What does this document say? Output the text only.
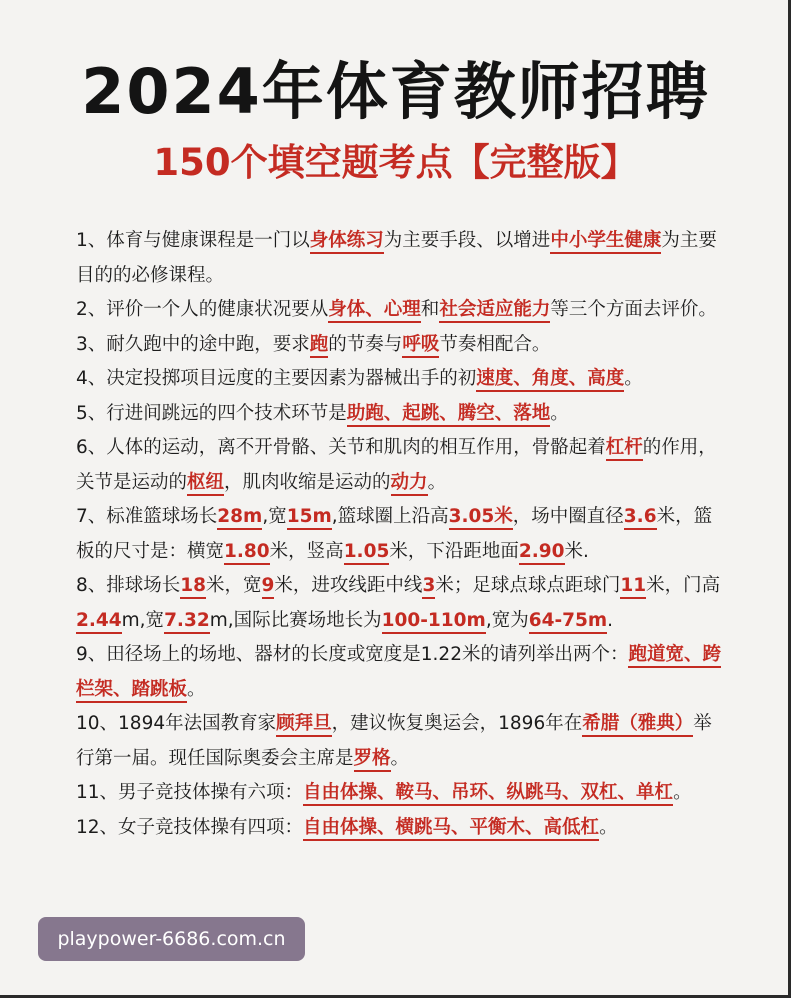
2024年体育教师招聘
150个填空题考点【完整版】

1、体育与健康课程是一门以身体练习为主要手段、以增进中小学生健康为主要目的的必修课程。

2、评价一个人的健康状况要从身体、心理和社会适应能力等三个方面去评价。

3、耐久跑中的途中跑，要求跑的节奏与呼吸节奏相配合。

4、决定投掷项目远度的主要因素为器械出手的初速度、角度、高度。

5、行进间跳远的四个技术环节是助跑、起跳、腾空、落地。

6、人体的运动，离不开骨骼、关节和肌肉的相互作用，骨骼起着杠杆的作用，关节是运动的枢纽，肌肉收缩是运动的动力。

7、标准篮球场长28m,宽15m,篮球圈上沿高3.05米，场中圈直径3.6米，篮板的尺寸是：横宽1.80米，竖高1.05米，下沿距地面2.90米.

8、排球场长18米，宽9米，进攻线距中线3米；足球点球点距球门11米，门高2.44m,宽7.32m,国际比赛场地长为100-110m,宽为64-75m.

9、田径场上的场地、器材的长度或宽度是1.22米的请列举出两个：跑道宽、跨栏架、踏跳板。

10、1894年法国教育家顾拜旦，建议恢复奥运会，1896年在希腊（雅典）举行第一届。现任国际奥委会主席是罗格。

11、男子竞技体操有六项：自由体操、鞍马、吊环、纵跳马、双杠、单杠。

12、女子竞技体操有四项：自由体操、横跳马、平衡木、高低杠。

playpower-6686.com.cn
